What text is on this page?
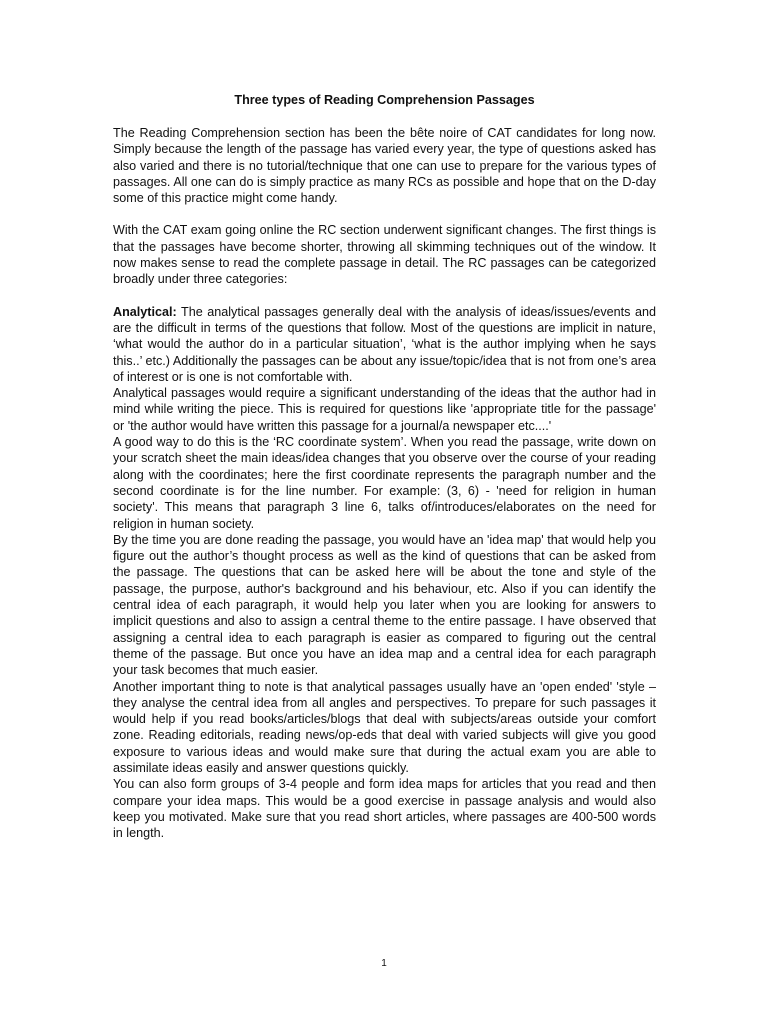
Three types of Reading Comprehension Passages

The Reading Comprehension section has been the bête noire of CAT candidates for long now. Simply because the length of the passage has varied every year, the type of questions asked has also varied and there is no tutorial/technique that one can use to prepare for the various types of passages. All one can do is simply practice as many RCs as possible and hope that on the D-day some of this practice might come handy.

With the CAT exam going online the RC section underwent significant changes. The first things is that the passages have become shorter, throwing all skimming techniques out of the window. It now makes sense to read the complete passage in detail. The RC passages can be categorized broadly under three categories:

Analytical: The analytical passages generally deal with the analysis of ideas/issues/events and are the difficult in terms of the questions that follow. Most of the questions are implicit in nature, ‘what would the author do in a particular situation’, ‘what is the author implying when he says this..’ etc.) Additionally the passages can be about any issue/topic/idea that is not from one’s area of interest or is one is not comfortable with.

Analytical passages would require a significant understanding of the ideas that the author had in mind while writing the piece. This is required for questions like 'appropriate title for the passage' or 'the author would have written this passage for a journal/a newspaper etc....'

A good way to do this is the ‘RC coordinate system’. When you read the passage, write down on your scratch sheet the main ideas/idea changes that you observe over the course of your reading along with the coordinates; here the first coordinate represents the paragraph number and the second coordinate is for the line number. For example: (3, 6) - 'need for religion in human society'. This means that paragraph 3 line 6, talks of/introduces/elaborates on the need for religion in human society.

By the time you are done reading the passage, you would have an 'idea map' that would help you figure out the author’s thought process as well as the kind of questions that can be asked from the passage. The questions that can be asked here will be about the tone and style of the passage, the purpose, author's background and his behaviour, etc. Also if you can identify the central idea of each paragraph, it would help you later when you are looking for answers to implicit questions and also to assign a central theme to the entire passage. I have observed that assigning a central idea to each paragraph is easier as compared to figuring out the central theme of the passage. But once you have an idea map and a central idea for each paragraph your task becomes that much easier.

Another important thing to note is that analytical passages usually have an 'open ended' 'style – they analyse the central idea from all angles and perspectives. To prepare for such passages it would help if you read books/articles/blogs that deal with subjects/areas outside your comfort zone. Reading editorials, reading news/op-eds that deal with varied subjects will give you good exposure to various ideas and would make sure that during the actual exam you are able to assimilate ideas easily and answer questions quickly.

You can also form groups of 3-4 people and form idea maps for articles that you read and then compare your idea maps. This would be a good exercise in passage analysis and would also keep you motivated. Make sure that you read short articles, where passages are 400-500 words in length.

1
